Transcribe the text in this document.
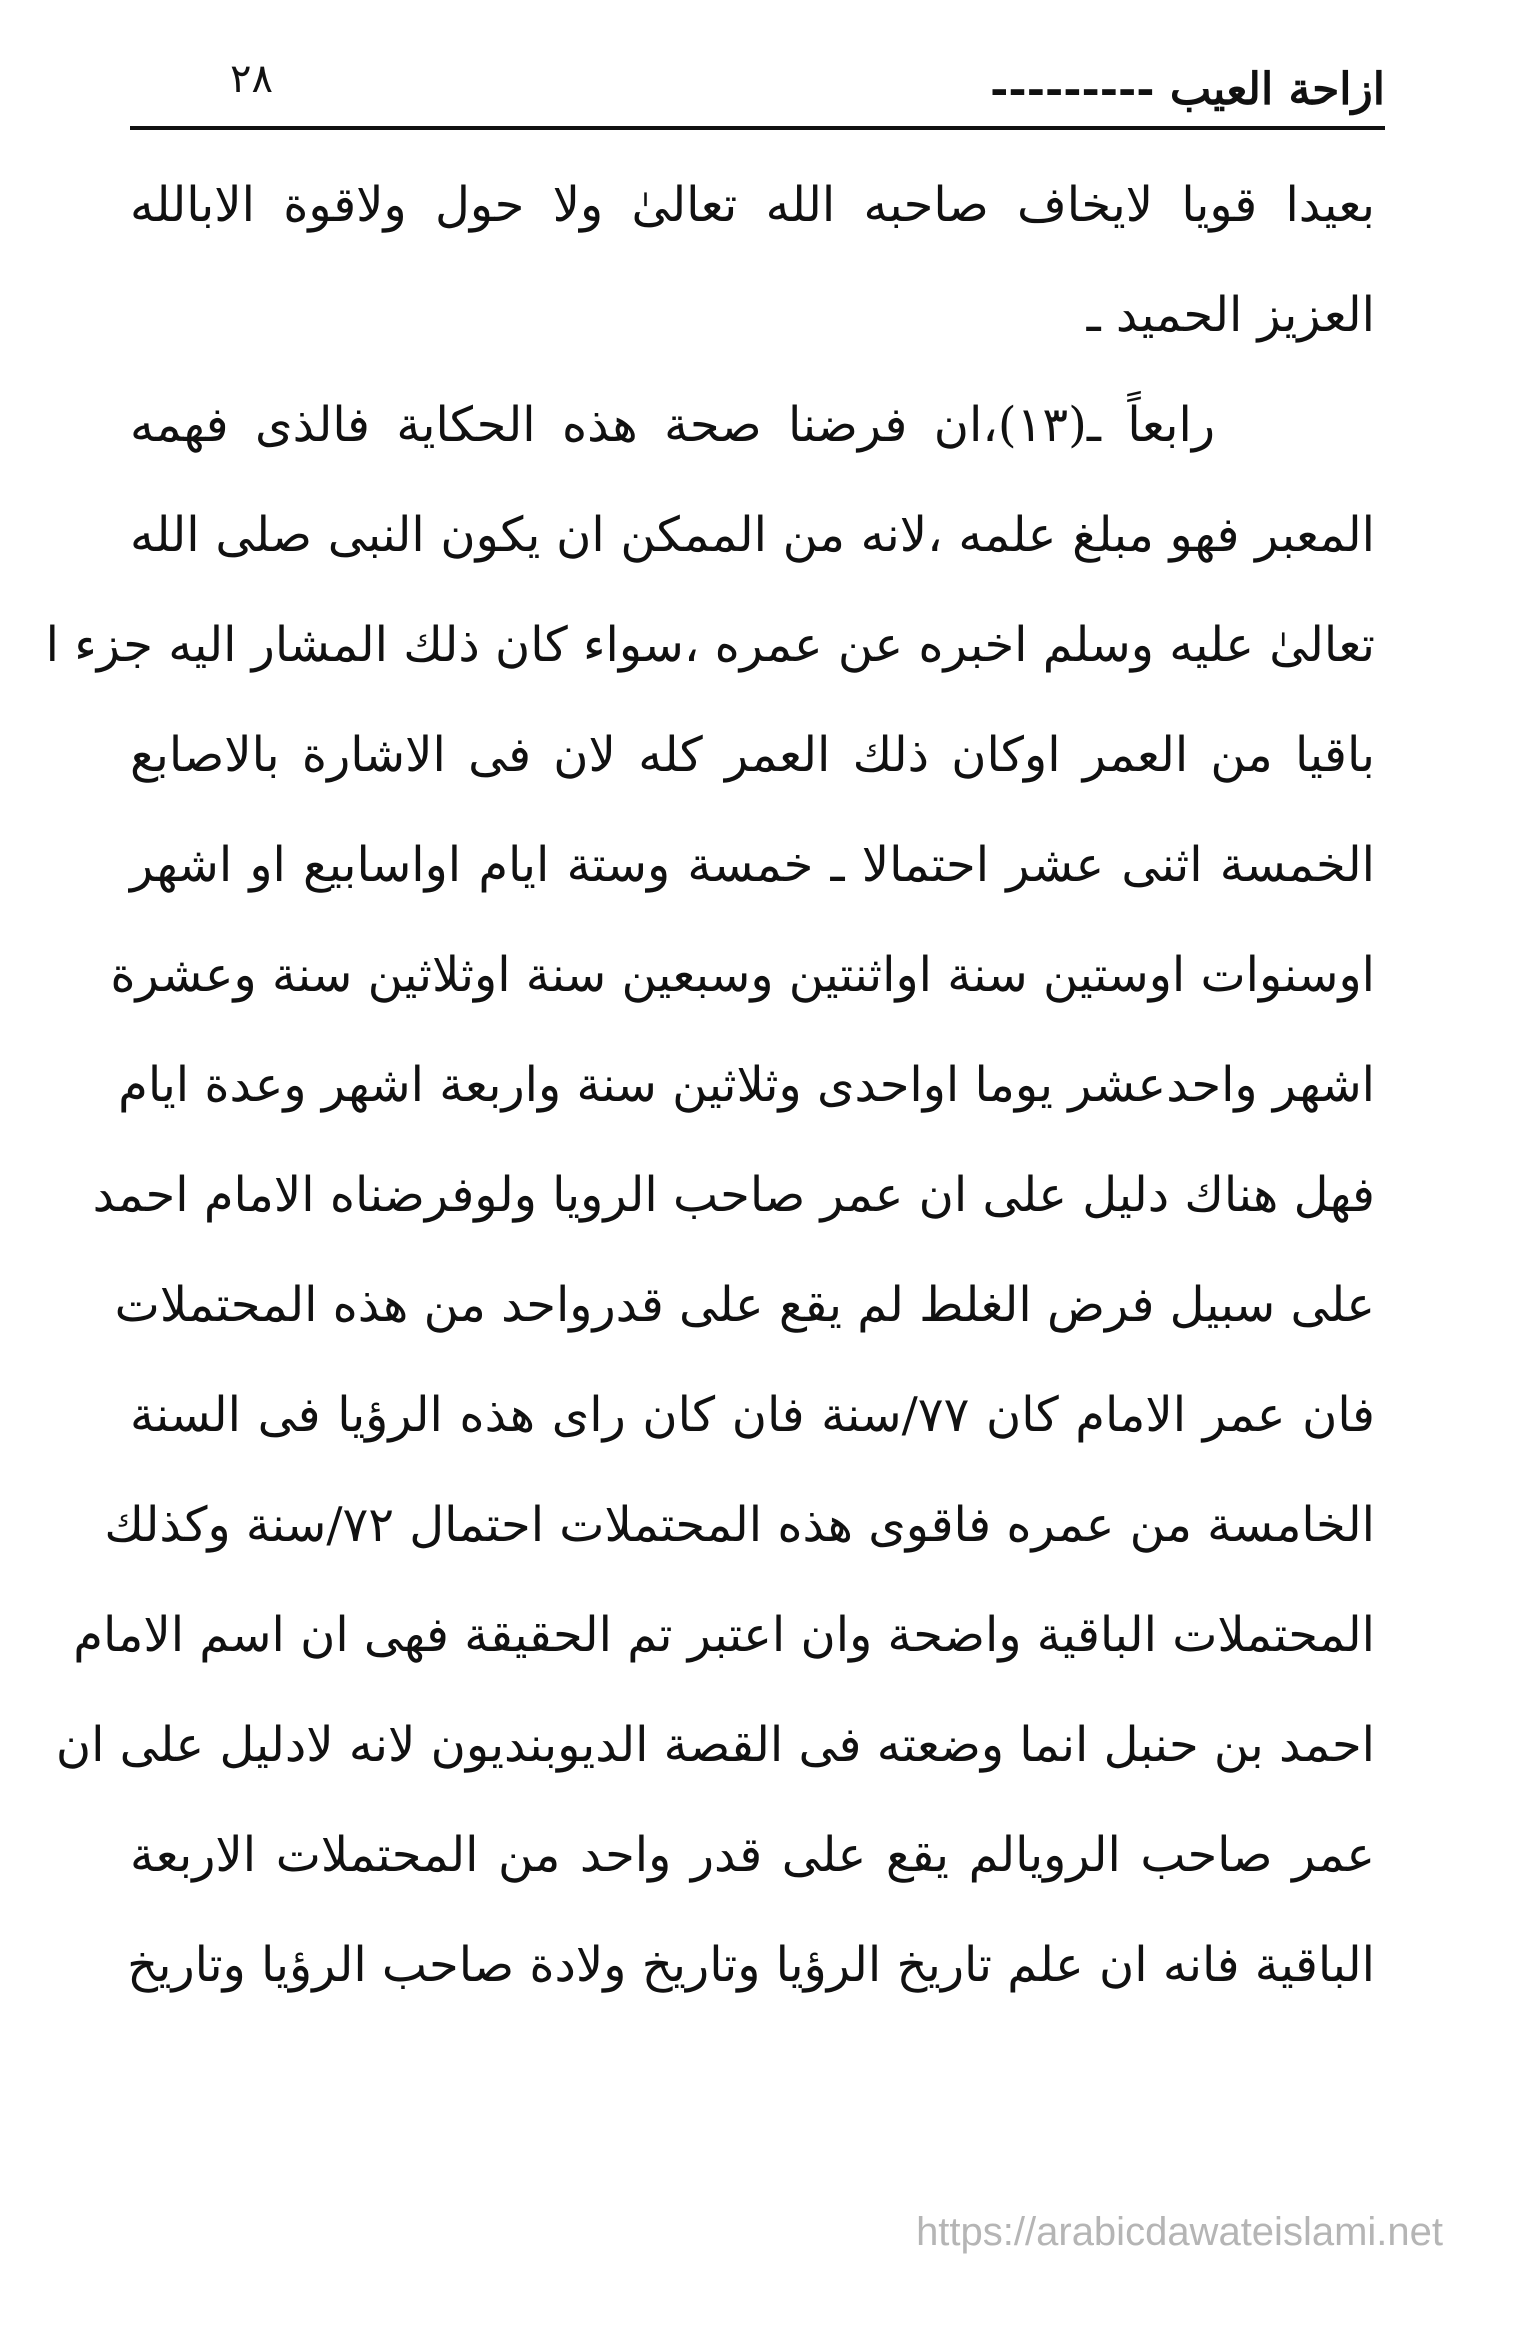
٢٨	ازاحة العيب ---------
بعيدا قويا لايخاف صاحبه الله تعالىٰ ولا حول ولاقوة الابالله
العزيز الحميد ـ
رابعاً ـ(١٣)،ان فرضنا صحة هذه الحكاية فالذى فهمه
المعبر فهو مبلغ علمه ،لانه من الممكن ان يكون النبى صلى الله
تعالىٰ عليه وسلم اخبره عن عمره ،سواء كان ذلك المشار اليه جزء ا
باقيا من العمر اوكان ذلك العمر كله لان فى الاشارة بالاصابع
الخمسة اثنى عشر احتمالا ـ خمسة وستة ايام اواسابيع او اشهر
اوسنوات اوستين سنة اواثنتين وسبعين سنة اوثلاثين سنة وعشرة
اشهر واحدعشر يوما اواحدى وثلاثين سنة واربعة اشهر وعدة ايام
فهل هناك دليل على ان عمر صاحب الرويا ولوفرضناه الامام احمد
على سبيل فرض الغلط لم يقع على قدرواحد من هذه المحتملات
فان عمر الامام كان ٧٧/سنة فان كان راى هذه الرؤيا فى السنة
الخامسة من عمره فاقوى هذه المحتملات احتمال ٧٢/سنة وكذلك
المحتملات الباقية واضحة وان اعتبر تم الحقيقة فهى ان اسم الامام
احمد بن حنبل انما وضعته فى القصة الديوبنديون لانه لادليل على ان
عمر صاحب الرويالم يقع على قدر واحد من المحتملات الاربعة
الباقية فانه ان علم تاريخ الرؤيا وتاريخ ولادة صاحب الرؤيا وتاريخ
https://arabicdawateislami.net
